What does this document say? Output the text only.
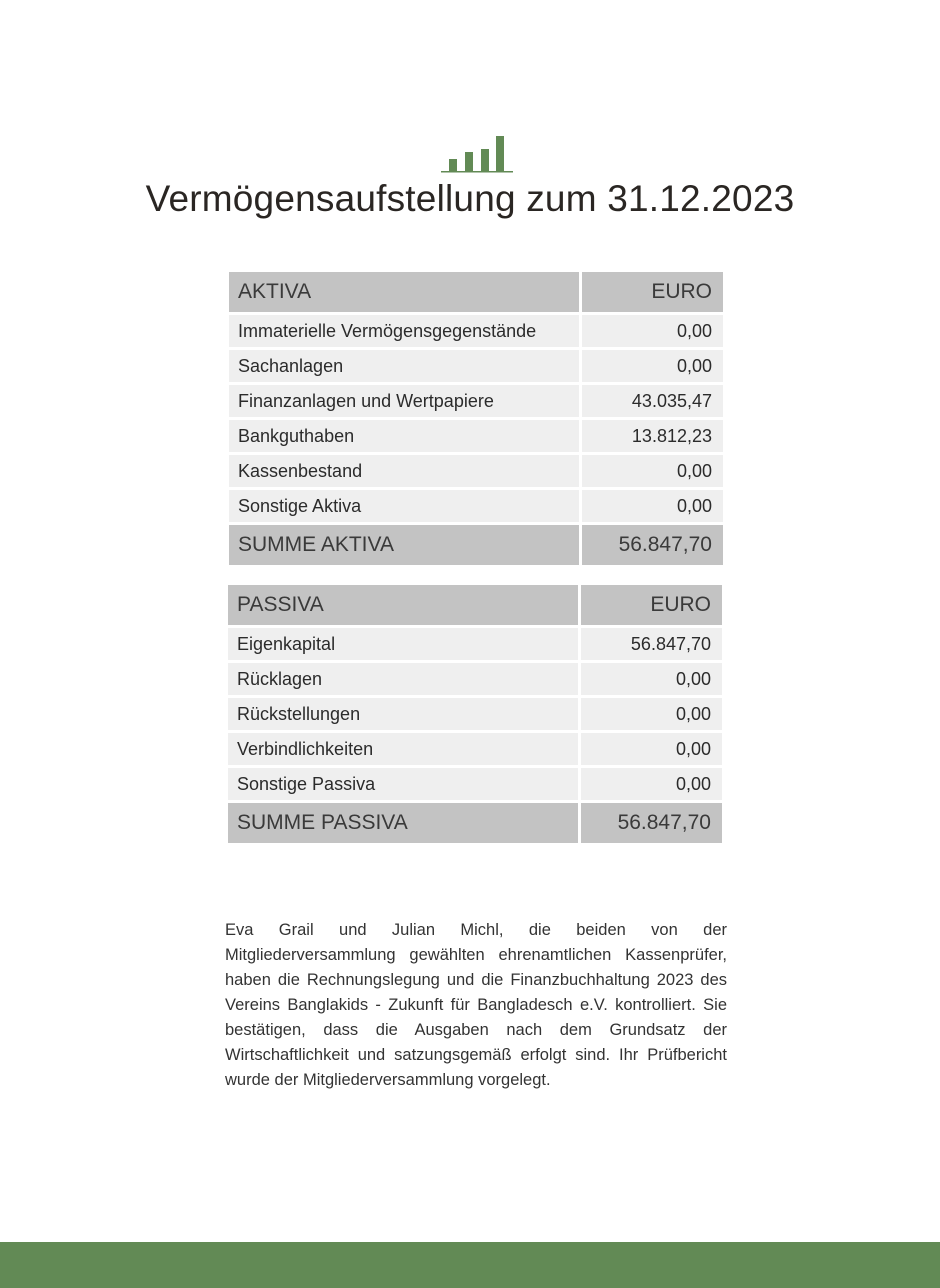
Vermögensaufstellung zum 31.12.2023
AKTIVA	EURO
Immaterielle Vermögensgegenstände	0,00
Sachanlagen	0,00
Finanzanlagen und Wertpapiere	43.035,47
Bankguthaben	13.812,23
Kassenbestand	0,00
Sonstige Aktiva	0,00
SUMME AKTIVA	56.847,70
PASSIVA	EURO
Eigenkapital	56.847,70
Rücklagen	0,00
Rückstellungen	0,00
Verbindlichkeiten	0,00
Sonstige Passiva	0,00
SUMME PASSIVA	56.847,70

Eva Grail und Julian Michl, die beiden von der Mitgliederversammlung gewählten ehrenamtlichen Kassenprüfer, haben die Rechnungslegung und die Finanzbuchhaltung 2023 des Vereins Banglakids - Zukunft für Bangladesch e.V. kontrolliert. Sie bestätigen, dass die Ausgaben nach dem Grundsatz der Wirtschaftlichkeit und satzungsgemäß erfolgt sind. Ihr Prüfbericht wurde der Mitgliederversammlung vorgelegt.
